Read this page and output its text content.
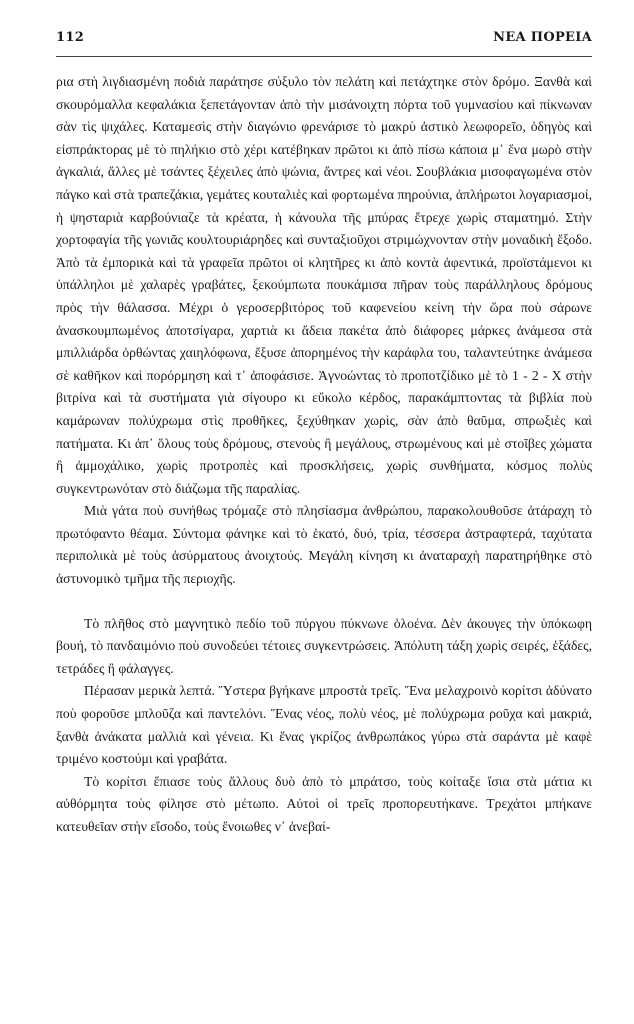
112	ΝΕΑ ΠΟΡΕΙΑ

ρια στὴ λιγδιασμένη ποδιὰ παράτησε σύξυλο τὸν πελάτη καὶ πετάχτηκε στὸν δρόμο. Ξανθὰ καὶ σκουρόμαλλα κεφαλάκια ξεπετάγονταν ἀπὸ τὴν μισάνοιχτη πόρτα τοῦ γυμνασίου καὶ πίκνωναν σὰν τὶς ψιχάλες. Καταμεσὶς στὴν διαγώνιο φρενάρισε τὸ μακρὺ ἀστικὸ λεωφορεῖο, ὁδηγὸς καὶ εἰσπράκτορας μὲ τὸ πηλήκιο στὸ χέρι κατέβηκαν πρῶτοι κι ἀπὸ πίσω κάποια μ᾽ ἕνα μωρὸ στὴν ἀγκαλιά, ἄλλες μὲ τσάντες ξέχειλες ἀπὸ ψώνια, ἄντρες καὶ νέοι. Σουβλάκια μισοφαγωμένα στὸν πάγκο καὶ στὰ τραπεζάκια, γεμάτες κουταλιὲς καὶ φορτωμένα πηρούνια, ἀπλήρωτοι λογαριασμοί, ἡ ψησταριὰ καρβούνιαζε τὰ κρέατα, ἡ κάνουλα τῆς μπύρας ἔτρεχε χωρὶς σταματημό. Στὴν χορτοφαγία τῆς γωνιᾶς κουλτουριάρηδες καὶ συνταξιοῦχοι στριμώχνονταν στὴν μοναδικὴ ἔξοδο. Ἀπὸ τὰ ἐμπορικὰ καὶ τὰ γραφεῖα πρῶτοι οἱ κλητῆρες κι ἀπὸ κοντὰ ἀφεντικά, προϊστάμενοι κι ὑπάλληλοι μὲ χαλαρὲς γραβάτες, ξεκούμπωτα πουκάμισα πῆραν τοὺς παράλληλους δρόμους πρὸς τὴν θάλασσα. Μέχρι ὁ γεροσερβιτόρος τοῦ καφενείου κείνη τὴν ὥρα ποὺ σάρωνε ἀνασκουμπωμένος ἀποτσίγαρα, χαρτιὰ κι ἄδεια πακέτα ἀπὸ διάφορες μάρκες ἀνάμεσα στὰ μπιλλιάρδα ὀρθώντας χαιηλόφωνα, ἔξυσε ἀπορημένος τὴν καράφλα του, ταλαντεύτηκε ἀνάμεσα σὲ καθῆκον καὶ πορόρμηση καὶ τ᾽ ἀποφάσισε. Ἀγνοώντας τὸ προποτζίδικο μὲ τὸ 1 - 2 - Χ στὴν βιτρίνα καὶ τὰ συστήματα γιὰ σίγουρο κι εὔκολο κέρδος, παρακάμπτοντας τὰ βιβλία ποὺ καμάρωναν πολύχρωμα στὶς προθῆκες, ξεχύθηκαν χωρὶς, σὰν ἀπὸ θαῦμα, σπρωξιὲς καὶ πατήματα. Κι ἀπ᾽ ὅλους τοὺς δρόμους, στενοὺς ἢ μεγάλους, στρωμένους καὶ μὲ στοῖβες χώματα ἢ ἀμμοχάλικο, χωρὶς προτροπὲς καὶ προσκλήσεις, χωρὶς συνθήματα, κόσμος πολὺς συγκεντρωνόταν στὸ διάζωμα τῆς παραλίας.

Μιὰ γάτα ποὺ συνήθως τρόμαζε στὸ πλησίασμα ἀνθρώπου, παρακολουθοῦσε ἀτάραχη τὸ πρωτόφαντο θέαμα. Σύντομα φάνηκε καὶ τὸ ἑκατό, δυό, τρία, τέσσερα ἀστραφτερά, ταχύτατα περιπολικὰ μὲ τοὺς ἀσύρματους ἀνοιχτούς. Μεγάλη κίνηση κι ἀναταραχὴ παρατηρήθηκε στὸ ἀστυνομικὸ τμῆμα τῆς περιοχῆς.

Τὸ πλῆθος στὸ μαγνητικὸ πεδίο τοῦ πύργου πύκνωνε ὁλοένα. Δὲν ἀκουγες τὴν ὑπόκωφη βουή, τὸ πανδαιμόνιο ποὺ συνοδεύει τέτοιες συγκεντρώσεις. Ἀπόλυτη τάξη χωρὶς σειρές, ἑξάδες, τετράδες ἢ φάλαγγες.

Πέρασαν μερικὰ λεπτά. Ὕστερα βγήκανε μπροστὰ τρεῖς. Ἕνα μελαχροινὸ κορίτσι ἀδύνατο ποὺ φοροῦσε μπλοῦζα καὶ παντελόνι. Ἕνας νέος, πολὺ νέος, μὲ πολύχρωμα ροῦχα καὶ μακριά, ξανθὰ ἀνάκατα μαλλιὰ καὶ γένεια. Κι ἕνας γκρίζος ἀνθρωπάκος γύρω στὰ σαράντα μὲ καφὲ τριμένο κοστούμι καὶ γραβάτα.

Τὸ κορίτσι ἔπιασε τοὺς ἄλλους δυὸ ἀπὸ τὸ μπράτσο, τοὺς κοίταξε ἴσια στὰ μάτια κι αὐθόρμητα τοὺς φίλησε στὸ μέτωπο. Αὐτοὶ οἱ τρεῖς προπορευτήκανε. Τρεχάτοι μπήκανε κατευθεῖαν στὴν εἴσοδο, τοὺς ἔνοιωθες ν᾽ ἀνεβαί-
